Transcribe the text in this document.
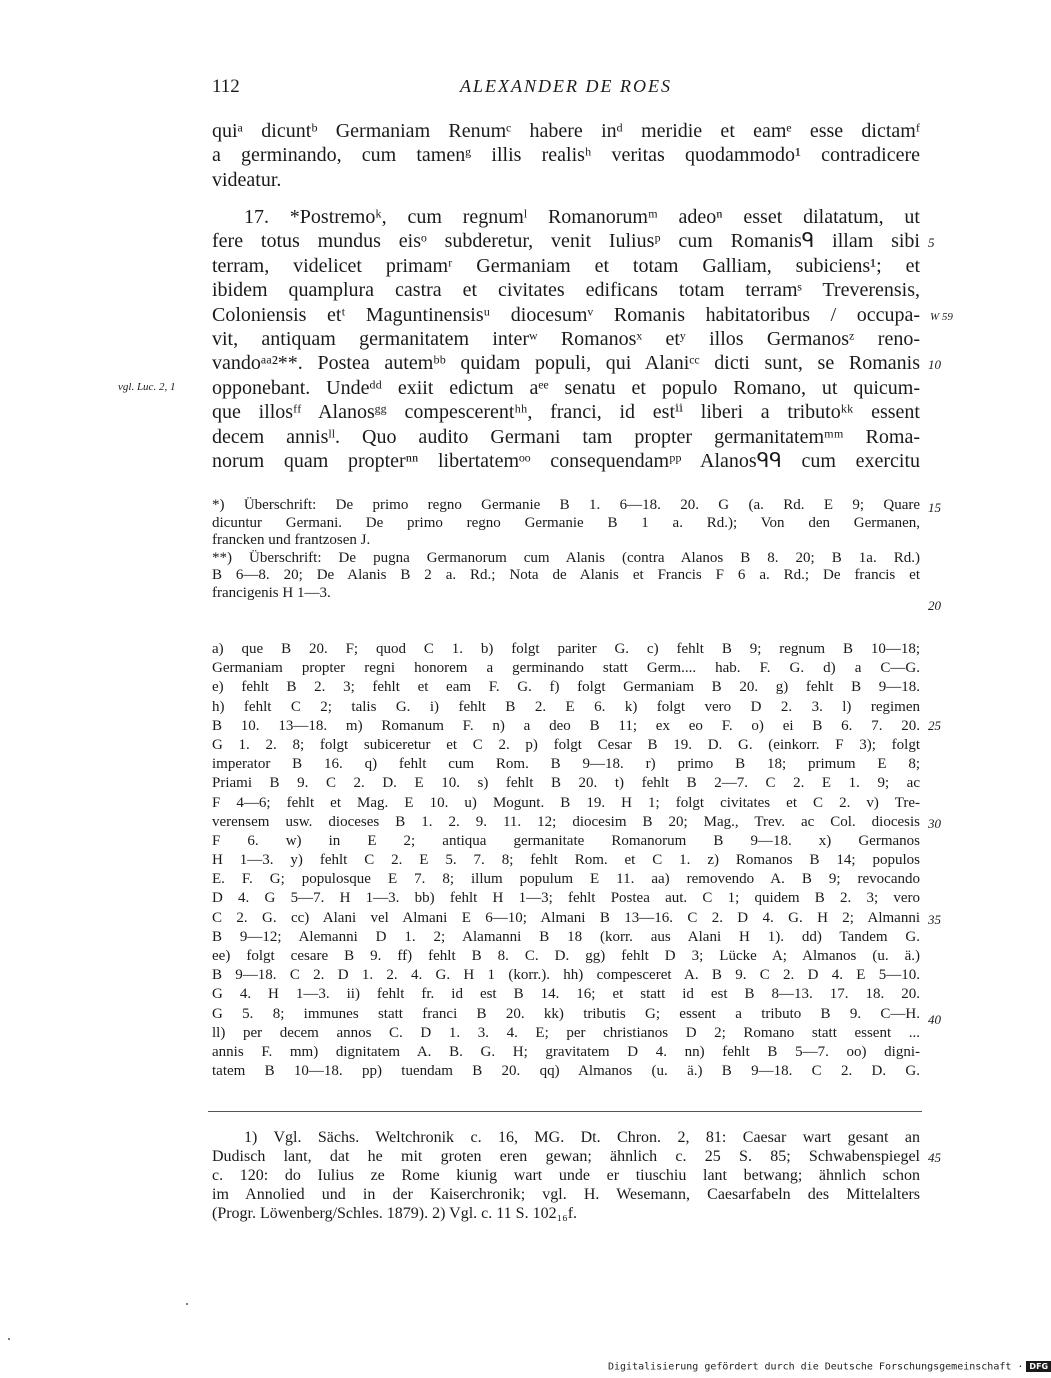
112	ALEXANDER DE ROES
quiᵃ dicuntᵇ Germaniam Renumᶜ habere inᵈ meridie et eamᵉ esse dictamᶠ
a germinando, cum tamenᵍ illis realisʰ veritas quodammodo¹ contradicere
videatur.
17. *Postremoᵏ, cum regnumˡ Romanorumᵐ adeoⁿ esset dilatatum, ut
fere totus mundus eisᵒ subderetur, venit Iuliusᵖ cum Romanisᑫ illam sibi
terram, videlicet primamʳ Germaniam et totam Galliam, subiciens¹; et
ibidem quamplura castra et civitates edificans totam terramˢ Treverensis,
Coloniensis etᵗ Maguntinensisᵘ diocesumᵛ Romanis habitatoribus / occupa-
vit, antiquam germanitatem interʷ Romanosˣ etʸ illos Germanosᶻ reno-
vandoᵃᵃ²**. Postea autemᵇᵇ quidam populi, qui Alaniᶜᶜ dicti sunt, se Romanis
opponebant. Undeᵈᵈ exiit edictum aᵉᵉ senatu et populo Romano, ut quicum-
que illosᶠᶠ Alanosᵍᵍ compescerentʰʰ, franci, id estⁱⁱ liberi a tributoᵏᵏ essent
decem annisˡˡ. Quo audito Germani tam propter germanitatemᵐᵐ Roma-
norum quam propterⁿⁿ libertatemᵒᵒ consequendamᵖᵖ Alanosᑫᑫ cum exercitu
*) Überschrift: De primo regno Germanie B 1. 6—18. 20. G (a. Rd. E 9; Quare
dicuntur Germani. De primo regno Germanie B 1 a. Rd.); Von den Germanen,
francken und frantzosen J.
**) Überschrift: De pugna Germanorum cum Alanis (contra Alanos B 8. 20; B 1a. Rd.)
B 6—8. 20; De Alanis B 2 a. Rd.; Nota de Alanis et Francis F 6 a. Rd.; De francis et
francigenis H 1—3.
a) que B 20. F; quod C 1. b) folgt pariter G. c) fehlt B 9; regnum B 10—18;
Germaniam propter regni honorem a germinando statt Germ.... hab. F. G. d) a C—G.
e) fehlt B 2. 3; fehlt et eam F. G. f) folgt Germaniam B 20. g) fehlt B 9—18.
h) fehlt C 2; talis G. i) fehlt B 2. E 6. k) folgt vero D 2. 3. l) regimen
B 10. 13—18. m) Romanum F. n) a deo B 11; ex eo F. o) ei B 6. 7. 20.
G 1. 2. 8; folgt subiceretur et C 2. p) folgt Cesar B 19. D. G. (einkorr. F 3); folgt
imperator B 16. q) fehlt cum Rom. B 9—18. r) primo B 18; primum E 8;
Priami B 9. C 2. D. E 10. s) fehlt B 20. t) fehlt B 2—7. C 2. E 1. 9; ac
F 4—6; fehlt et Mag. E 10. u) Mogunt. B 19. H 1; folgt civitates et C 2. v) Tre-
verensem usw. dioceses B 1. 2. 9. 11. 12; diocesim B 20; Mag., Trev. ac Col. diocesis
F 6. w) in E 2; antiqua germanitate Romanorum B 9—18. x) Germanos
H 1—3. y) fehlt C 2. E 5. 7. 8; fehlt Rom. et C 1. z) Romanos B 14; populos
E. F. G; populosque E 7. 8; illum populum E 11. aa) removendo A. B 9; revocando
D 4. G 5—7. H 1—3. bb) fehlt H 1—3; fehlt Postea aut. C 1; quidem B 2. 3; vero
C 2. G. cc) Alani vel Almani E 6—10; Almani B 13—16. C 2. D 4. G. H 2; Almanni
B 9—12; Alemanni D 1. 2; Alamanni B 18 (korr. aus Alani H 1). dd) Tandem G.
ee) folgt cesare B 9. ff) fehlt B 8. C. D. gg) fehlt D 3; Lücke A; Almanos (u. ä.)
B 9—18. C 2. D 1. 2. 4. G. H 1 (korr.). hh) compesceret A. B 9. C 2. D 4. E 5—10.
G 4. H 1—3. ii) fehlt fr. id est B 14. 16; et statt id est B 8—13. 17. 18. 20.
G 5. 8; immunes statt franci B 20. kk) tributis G; essent a tributo B 9. C—H.
ll) per decem annos C. D 1. 3. 4. E; per christianos D 2; Romano statt essent ...
annis F. mm) dignitatem A. B. G. H; gravitatem D 4. nn) fehlt B 5—7. oo) digni-
tatem B 10—18. pp) tuendam B 20. qq) Almanos (u. ä.) B 9—18. C 2. D. G.
1) Vgl. Sächs. Weltchronik c. 16, MG. Dt. Chron. 2, 81: Caesar wart gesant an
Dudisch lant, dat he mit groten eren gewan; ähnlich c. 25 S. 85; Schwabenspiegel
c. 120: do Iulius ze Rome kiunig wart unde er tiuschiu lant betwang; ähnlich schon
im Annolied und in der Kaiserchronik; vgl. H. Wesemann, Caesarfabeln des Mittelalters
(Progr. Löwenberg/Schles. 1879). 2) Vgl. c. 11 S. 102₁₆f.
5
W 59
10
vgl. Luc. 2, 1
15
20
25
30
35
40
45
Digitalisierung gefördert durch die Deutsche Forschungsgemeinschaft · DFG
